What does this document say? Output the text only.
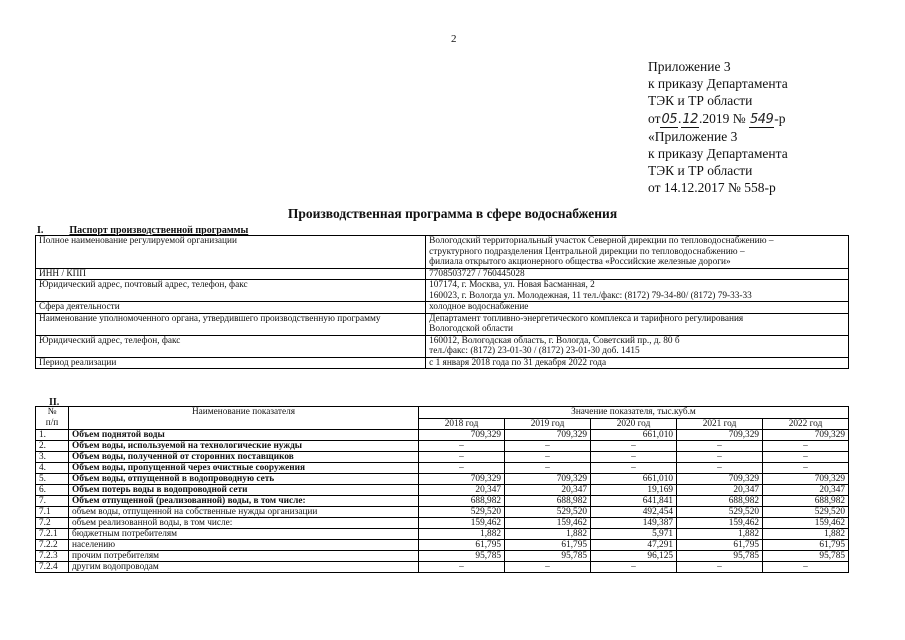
2
Приложение 3
к приказу Департамента
ТЭК и ТР области
от05.12.2019 № 549-р
«Приложение 3
к приказу Департамента
ТЭК и ТР области
от 14.12.2017 № 558-р
Производственная программа в сфере водоснабжения
I.	Паспорт производственной программы
Полное наименование регулируемой организации	Вологодский территориальный участок Северной дирекции по тепловодоснабжению –
структурного подразделения Центральной дирекции по тепловодоснабжению –
филиала открытого акционерного общества «Российские железные дороги»

ИНН / КПП	7708503727 / 760445028

Юридический адрес, почтовый адрес, телефон, факс	107174, г. Москва, ул. Новая Басманная, 2
160023, г. Вологда ул. Молодежная, 11 тел./факс: (8172) 79-34-80/ (8172) 79-33-33

Сфера деятельности	холодное водоснабжение

Наименование уполномоченного органа, утвердившего производственную программу	Департамент топливно-энергетического комплекса и тарифного регулирования
Вологодской области

Юридический адрес, телефон, факс	160012, Вологодская область, г. Вологда, Советский пр., д. 80 б
тел./факс: (8172) 23-01-30 / (8172) 23-01-30 доб. 1415

Период реализации	с 1 января 2018 года по 31 декабря 2022 года
II.
№
п/п	Наименование показателя	Значение показателя, тыс.куб.м				
		2018 год	2019 год	2020 год	2021 год	2022 год
1.	Объем поднятой воды	709,329	709,329	661,010	709,329	709,329
2.	Объем воды, используемой на технологические нужды	–	–	–	–	–
3.	Объем воды, полученной от сторонних поставщиков	–	–	–	–	–
4.	Объем воды, пропущенной через очистные сооружения	–	–	–	–	–
5.	Объем воды, отпущенной в водопроводную сеть	709,329	709,329	661,010	709,329	709,329
6.	Объем потерь воды в водопроводной сети	20,347	20,347	19,169	20,347	20,347
7.	Объем отпущенной (реализованной) воды, в том числе:	688,982	688,982	641,841	688,982	688,982
7.1	объем воды, отпущенной на собственные нужды организации	529,520	529,520	492,454	529,520	529,520
7.2	объем реализованной воды, в том числе:	159,462	159,462	149,387	159,462	159,462
7.2.1	бюджетным потребителям	1,882	1,882	5,971	1,882	1,882
7.2.2	населению	61,795	61,795	47,291	61,795	61,795
7.2.3	прочим потребителям	95,785	95,785	96,125	95,785	95,785
7.2.4	другим водопроводам	–	–	–	–	–
